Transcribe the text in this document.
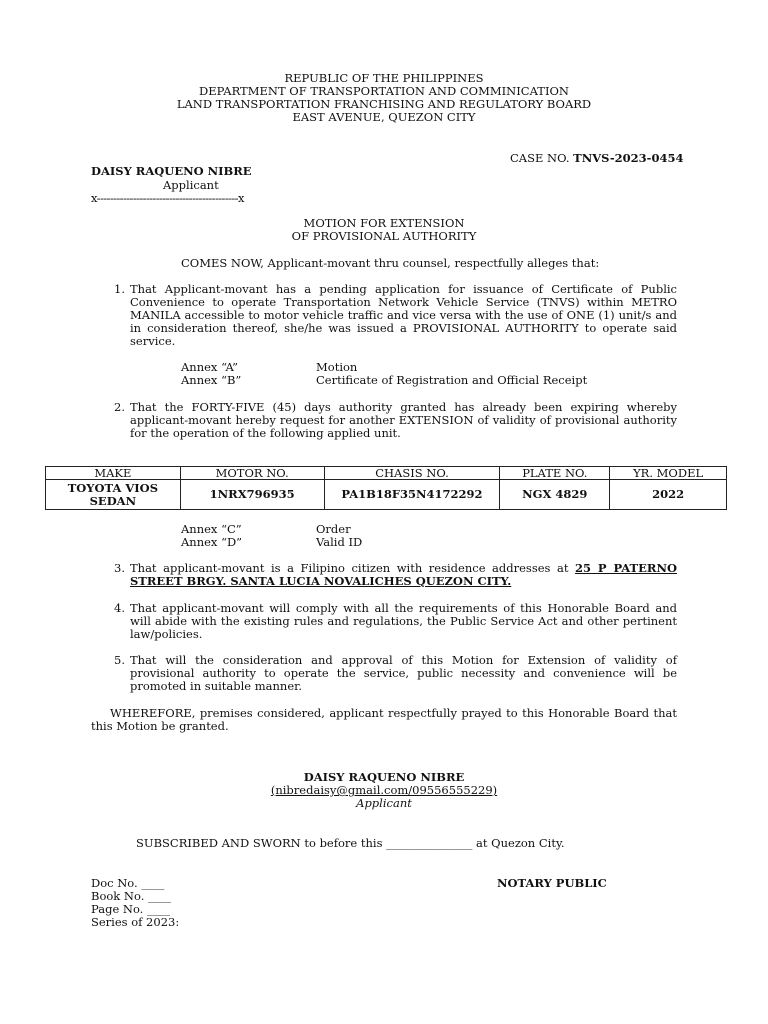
REPUBLIC OF THE PHILIPPINES
DEPARTMENT OF TRANSPORTATION AND COMMINICATION
LAND TRANSPORTATION FRANCHISING AND REGULATORY BOARD
EAST AVENUE, QUEZON CITY
CASE NO. TNVS-2023-0454
DAISY RAQUENO NIBRE
Applicant
x-------------------------------------------x
MOTION FOR EXTENSION
OF PROVISIONAL AUTHORITY
COMES NOW, Applicant-movant thru counsel, respectfully alleges that:
1. That Applicant-movant has a pending application for issuance of Certificate of Public Convenience to operate Transportation Network Vehicle Service (TNVS) within METRO MANILA accessible to motor vehicle traffic and vice versa with the use of ONE (1) unit/s and in consideration thereof, she/he was issued a PROVISIONAL AUTHORITY to operate said service.
Annex “A”	Motion
Annex “B”	Certificate of Registration and Official Receipt
2. That the FORTY-FIVE (45) days authority granted has already been expiring whereby applicant-movant hereby request for another EXTENSION of validity of provisional authority for the operation of the following applied unit.
MAKE	MOTOR NO.	CHASIS NO.	PLATE NO.	YR. MODEL
TOYOTA VIOS SEDAN	1NRX796935	PA1B18F35N4172292	NGX 4829	2022
Annex “C”	Order
Annex “D”	Valid ID
3. That applicant-movant is a Filipino citizen with residence addresses at 25 P PATERNO STREET BRGY. SANTA LUCIA NOVALICHES QUEZON CITY.
4. That applicant-movant will comply with all the requirements of this Honorable Board and will abide with the existing rules and regulations, the Public Service Act and other pertinent law/policies.
5. That will the consideration and approval of this Motion for Extension of validity of provisional authority to operate the service, public necessity and convenience will be promoted in suitable manner.
WHEREFORE, premises considered, applicant respectfully prayed to this Honorable Board that this Motion be granted.
DAISY RAQUENO NIBRE
(nibredaisy@gmail.com/09556555229)
Applicant
SUBSCRIBED AND SWORN to before this _______________ at Quezon City.
Doc No. ____
Book No. ____
Page No. ____
Series of 2023:
NOTARY PUBLIC
